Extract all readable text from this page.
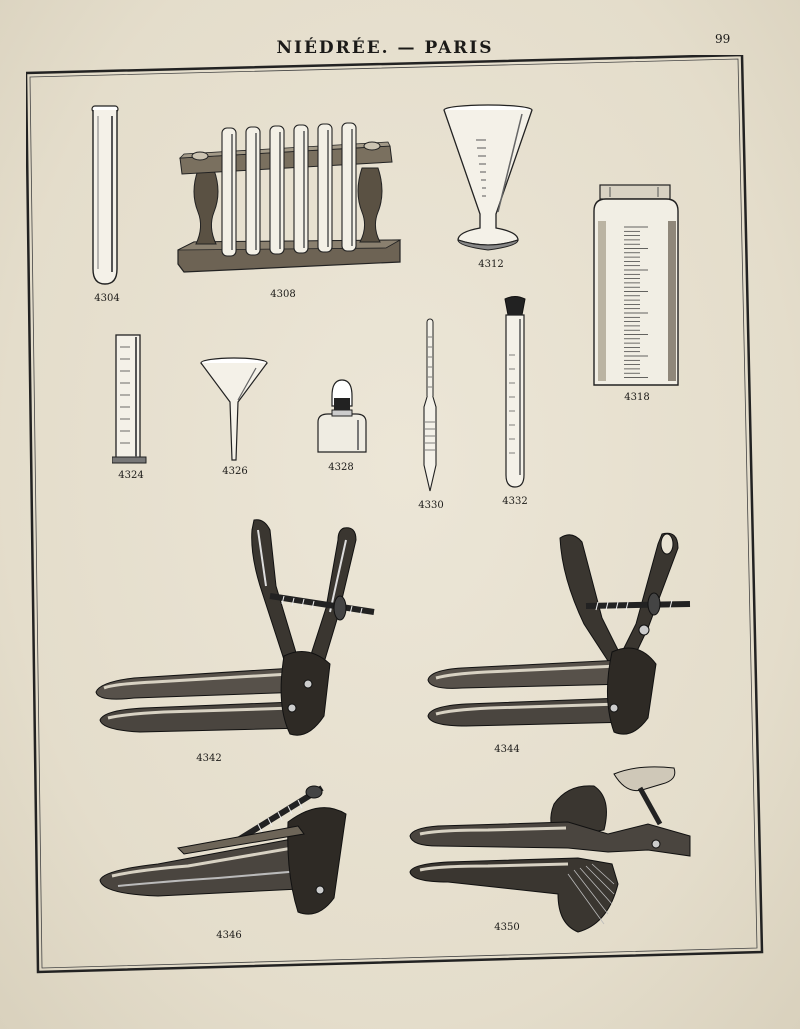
NIÉDRÉE. — PARIS	99
4304	4308
4312
4318
4324	4326	4328
4330	4332
4342
4344
4346
4350
